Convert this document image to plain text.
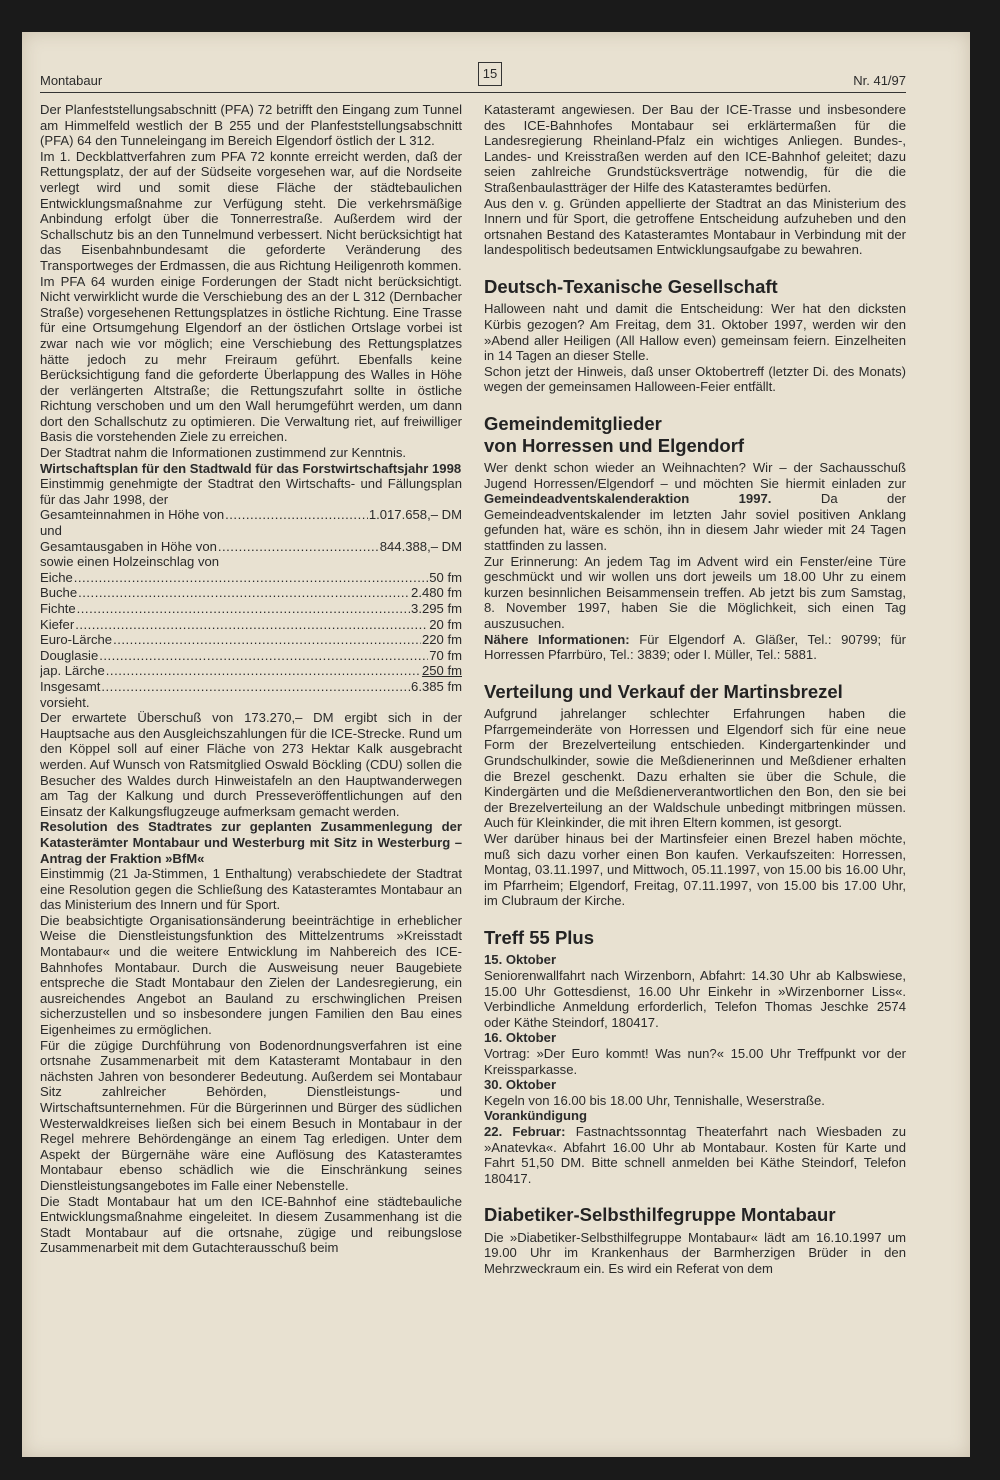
Montabaur	15	Nr. 41/97

Der Planfeststellungsabschnitt (PFA) 72 betrifft den Eingang zum Tunnel am Himmelfeld westlich der B 255 und der Planfeststellungsabschnitt (PFA) 64 den Tunneleingang im Bereich Elgendorf östlich der L 312.

Im 1. Deckblattverfahren zum PFA 72 konnte erreicht werden, daß der Rettungsplatz, der auf der Südseite vorgesehen war, auf die Nordseite verlegt wird und somit diese Fläche der städtebaulichen Entwicklungsmaßnahme zur Verfügung steht. Die verkehrsmäßige Anbindung erfolgt über die Tonnerrestraße. Außerdem wird der Schallschutz bis an den Tunnelmund verbessert. Nicht berücksichtigt hat das Eisenbahnbundesamt die geforderte Veränderung des Transportweges der Erdmassen, die aus Richtung Heiligenroth kommen.

Im PFA 64 wurden einige Forderungen der Stadt nicht berücksichtigt. Nicht verwirklicht wurde die Verschiebung des an der L 312 (Dernbacher Straße) vorgesehenen Rettungsplatzes in östliche Richtung. Eine Trasse für eine Ortsumgehung Elgendorf an der östlichen Ortslage vorbei ist zwar nach wie vor möglich; eine Verschiebung des Rettungsplatzes hätte jedoch zu mehr Freiraum geführt. Ebenfalls keine Berücksichtigung fand die geforderte Überlappung des Walles in Höhe der verlängerten Altstraße; die Rettungszufahrt sollte in östliche Richtung verschoben und um den Wall herumgeführt werden, um dann dort den Schallschutz zu optimieren. Die Verwaltung riet, auf freiwilliger Basis die vorstehenden Ziele zu erreichen.

Der Stadtrat nahm die Informationen zustimmend zur Kenntnis.

Wirtschaftsplan für den Stadtwald für das Forstwirtschaftsjahr 1998

Einstimmig genehmigte der Stadtrat den Wirtschafts- und Fällungsplan für das Jahr 1998, der

Gesamteinnahmen in Höhe von .....	1.017.658,– DM

und

Gesamtausgaben in Höhe von .....	844.388,– DM

sowie einen Holzeinschlag von

Eiche .....	50 fm
Buche .....	2.480 fm
Fichte .....	3.295 fm
Kiefer .....	20 fm
Euro-Lärche .....	220 fm
Douglasie .....	70 fm
jap. Lärche .....	250 fm
Insgesamt .....	6.385 fm

vorsieht.

Der erwartete Überschuß von 173.270,– DM ergibt sich in der Hauptsache aus den Ausgleichszahlungen für die ICE-Strecke. Rund um den Köppel soll auf einer Fläche von 273 Hektar Kalk ausgebracht werden. Auf Wunsch von Ratsmitglied Oswald Böckling (CDU) sollen die Besucher des Waldes durch Hinweistafeln an den Hauptwanderwegen am Tag der Kalkung und durch Presseveröffentlichungen auf den Einsatz der Kalkungsflugzeuge aufmerksam gemacht werden.

Resolution des Stadtrates zur geplanten Zusammenlegung der Katasterämter Montabaur und Westerburg mit Sitz in Westerburg – Antrag der Fraktion »BfM«

Einstimmig (21 Ja-Stimmen, 1 Enthaltung) verabschiedete der Stadtrat eine Resolution gegen die Schließung des Katasteramtes Montabaur an das Ministerium des Innern und für Sport.

Die beabsichtigte Organisationsänderung beeinträchtige in erheblicher Weise die Dienstleistungsfunktion des Mittelzentrums »Kreisstadt Montabaur« und die weitere Entwicklung im Nahbereich des ICE-Bahnhofes Montabaur. Durch die Ausweisung neuer Baugebiete entspreche die Stadt Montabaur den Zielen der Landesregierung, ein ausreichendes Angebot an Bauland zu erschwinglichen Preisen sicherzustellen und so insbesondere jungen Familien den Bau eines Eigenheimes zu ermöglichen.

Für die zügige Durchführung von Bodenordnungsverfahren ist eine ortsnahe Zusammenarbeit mit dem Katasteramt Montabaur in den nächsten Jahren von besonderer Bedeutung. Außerdem sei Montabaur Sitz zahlreicher Behörden, Dienstleistungs- und Wirtschaftsunternehmen. Für die Bürgerinnen und Bürger des südlichen Westerwaldkreises ließen sich bei einem Besuch in Montabaur in der Regel mehrere Behördengänge an einem Tag erledigen. Unter dem Aspekt der Bürgernähe wäre eine Auflösung des Katasteramtes Montabaur ebenso schädlich wie die Einschränkung seines Dienstleistungsangebotes im Falle einer Nebenstelle.

Die Stadt Montabaur hat um den ICE-Bahnhof eine städtebauliche Entwicklungsmaßnahme eingeleitet. In diesem Zusammenhang ist die Stadt Montabaur auf die ortsnahe, zügige und reibungslose Zusammenarbeit mit dem Gutachterausschuß beim

Katasteramt angewiesen. Der Bau der ICE-Trasse und insbesondere des ICE-Bahnhofes Montabaur sei erklärtermaßen für die Landesregierung Rheinland-Pfalz ein wichtiges Anliegen. Bundes-, Landes- und Kreisstraßen werden auf den ICE-Bahnhof geleitet; dazu seien zahlreiche Grundstücksverträge notwendig, für die die Straßenbaulastträger der Hilfe des Katasteramtes bedürfen.

Aus den v. g. Gründen appellierte der Stadtrat an das Ministerium des Innern und für Sport, die getroffene Entscheidung aufzuheben und den ortsnahen Bestand des Katasteramtes Montabaur in Verbindung mit der landespolitisch bedeutsamen Entwicklungsaufgabe zu bewahren.

Deutsch-Texanische Gesellschaft

Halloween naht und damit die Entscheidung: Wer hat den dicksten Kürbis gezogen? Am Freitag, dem 31. Oktober 1997, werden wir den »Abend aller Heiligen (All Hallow even) gemeinsam feiern. Einzelheiten in 14 Tagen an dieser Stelle.

Schon jetzt der Hinweis, daß unser Oktobertreff (letzter Di. des Monats) wegen der gemeinsamen Halloween-Feier entfällt.

Gemeindemitglieder
von Horressen und Elgendorf

Wer denkt schon wieder an Weihnachten? Wir – der Sachausschuß Jugend Horressen/Elgendorf – und möchten Sie hiermit einladen zur Gemeindeadventskalenderaktion 1997.	Da der Gemeindeadventskalender im letzten Jahr soviel positiven Anklang gefunden hat, wäre es schön, ihn in diesem Jahr wieder mit 24 Tagen stattfinden zu lassen.

Zur Erinnerung: An jedem Tag im Advent wird ein Fenster/eine Türe geschmückt und wir wollen uns dort jeweils um 18.00 Uhr zu einem kurzen besinnlichen Beisammensein treffen. Ab jetzt bis zum Samstag, 8. November 1997, haben Sie die Möglichkeit, sich einen Tag auszusuchen.

Nähere Informationen: Für Elgendorf A. Gläßer, Tel.: 90799; für Horressen Pfarrbüro, Tel.: 3839; oder I. Müller, Tel.: 5881.

Verteilung und Verkauf der Martinsbrezel

Aufgrund jahrelanger schlechter Erfahrungen haben die Pfarrgemeinderäte von Horressen und Elgendorf sich für eine neue Form der Brezelverteilung entschieden. Kindergartenkinder und Grundschulkinder, sowie die Meßdienerinnen und Meßdiener erhalten die Brezel geschenkt. Dazu erhalten sie über die Schule, die Kindergärten und die Meßdienerverantwortlichen den Bon, den sie bei der Brezelverteilung an der Waldschule unbedingt mitbringen müssen. Auch für Kleinkinder, die mit ihren Eltern kommen, ist gesorgt.

Wer darüber hinaus bei der Martinsfeier einen Brezel haben möchte, muß sich dazu vorher einen Bon kaufen. Verkaufszeiten: Horressen, Montag, 03.11.1997, und Mittwoch, 05.11.1997, von 15.00 bis 16.00 Uhr, im Pfarrheim; Elgendorf, Freitag, 07.11.1997, von 15.00 bis 17.00 Uhr, im Clubraum der Kirche.

Treff 55 Plus

15. Oktober

Seniorenwallfahrt nach Wirzenborn, Abfahrt: 14.30 Uhr ab Kalbswiese, 15.00 Uhr Gottesdienst, 16.00 Uhr Einkehr in »Wirzenborner Liss«. Verbindliche Anmeldung erforderlich, Telefon Thomas Jeschke 2574 oder Käthe Steindorf, 180417.

16. Oktober

Vortrag: »Der Euro kommt! Was nun?« 15.00 Uhr Treffpunkt vor der Kreissparkasse.

30. Oktober

Kegeln von 16.00 bis 18.00 Uhr, Tennishalle, Weserstraße.

Vorankündigung

22. Februar: Fastnachtssonntag Theaterfahrt nach Wiesbaden zu »Anatevka«. Abfahrt 16.00 Uhr ab Montabaur. Kosten für Karte und Fahrt 51,50 DM. Bitte schnell anmelden bei Käthe Steindorf, Telefon 180417.

Diabetiker-Selbsthilfegruppe Montabaur

Die »Diabetiker-Selbsthilfegruppe Montabaur« lädt am 16.10.1997 um 19.00 Uhr im Krankenhaus der Barmherzigen Brüder in den Mehrzweckraum ein. Es wird ein Referat von dem
